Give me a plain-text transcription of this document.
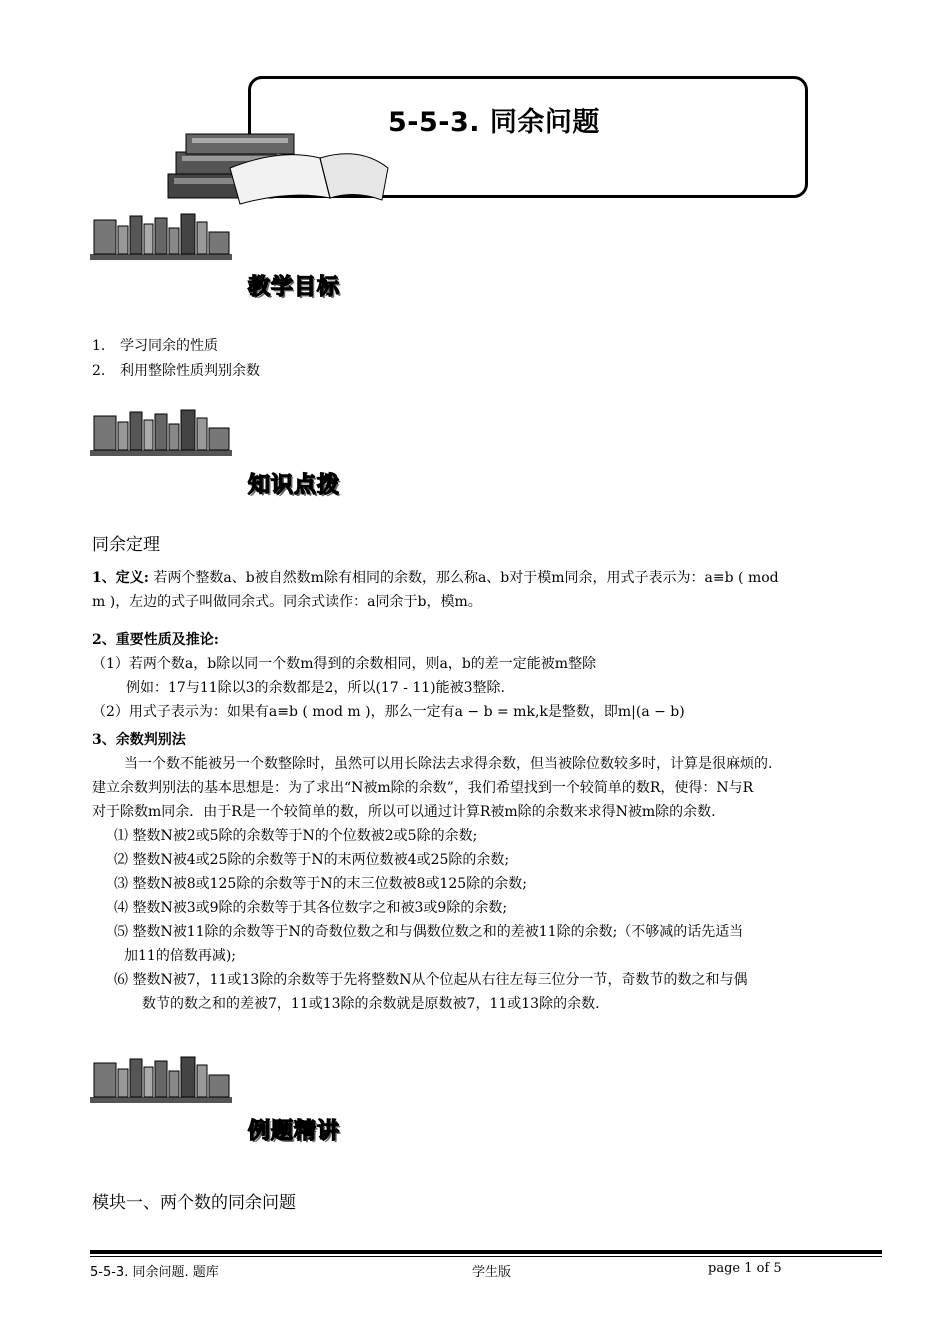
5-5-3. 同余问题
教学目标
1. 学习同余的性质
2. 利用整除性质判别余数
知识点拨
同余定理
1、定义: 若两个整数a、b被自然数m除有相同的余数，那么称a、b对于模m同余，用式子表示为：a≡b ( mod
m )，左边的式子叫做同余式。同余式读作：a同余于b，模m。
2、重要性质及推论:
（1）若两个数a，b除以同一个数m得到的余数相同，则a，b的差一定能被m整除
例如：17与11除以3的余数都是2，所以(17 - 11)能被3整除.
（2）用式子表示为：如果有a≡b ( mod m )，那么一定有a − b = mk,k是整数，即m|(a − b)
3、余数判别法
当一个数不能被另一个数整除时，虽然可以用长除法去求得余数，但当被除位数较多时，计算是很麻烦的.
建立余数判别法的基本思想是：为了求出“N被m除的余数”，我们希望找到一个较简单的数R，使得：N与R
对于除数m同余．由于R是一个较简单的数，所以可以通过计算R被m除的余数来求得N被m除的余数.
⑴ 整数N被2或5除的余数等于N的个位数被2或5除的余数;
⑵ 整数N被4或25除的余数等于N的末两位数被4或25除的余数;
⑶ 整数N被8或125除的余数等于N的末三位数被8或125除的余数;
⑷ 整数N被3或9除的余数等于其各位数字之和被3或9除的余数;
⑸ 整数N被11除的余数等于N的奇数位数之和与偶数位数之和的差被11除的余数;（不够减的话先适当
加11的倍数再减);
⑹ 整数N被7，11或13除的余数等于先将整数N从个位起从右往左每三位分一节，奇数节的数之和与偶
数节的数之和的差被7，11或13除的余数就是原数被7，11或13除的余数.
例题精讲
模块一、两个数的同余问题
5-5-3. 同余问题. 题库	学生版	page 1 of 5
